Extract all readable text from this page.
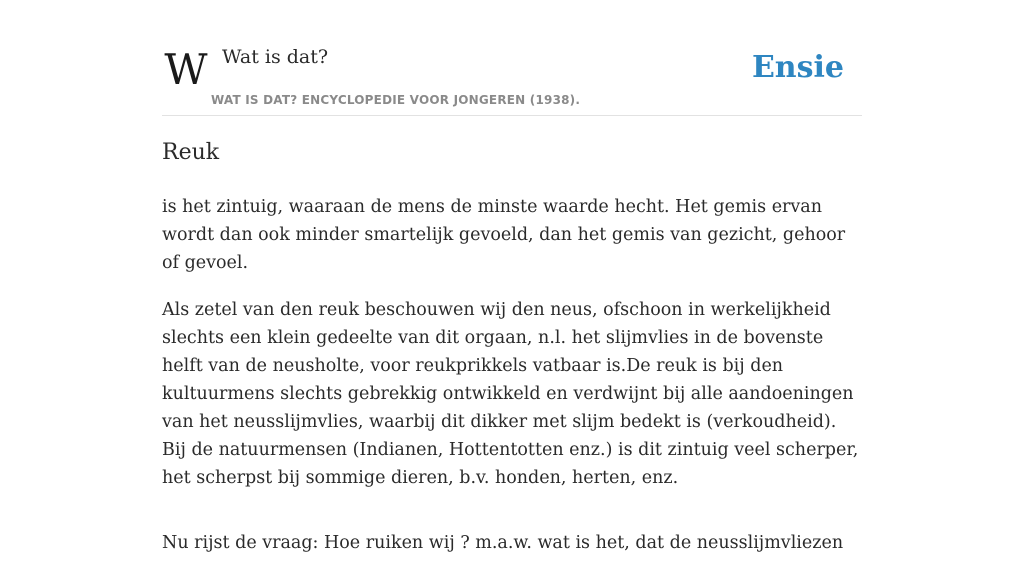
W Wat is dat?
WAT IS DAT? ENCYCLOPEDIE VOOR JONGEREN (1938).
Ensie
Reuk

is het zintuig, waaraan de mens de minste waarde hecht. Het gemis ervan wordt dan ook minder smartelijk gevoeld, dan het gemis van gezicht, gehoor of gevoel.

Als zetel van den reuk beschouwen wij den neus, ofschoon in werkelijkheid slechts een klein gedeelte van dit orgaan, n.l. het slijmvlies in de bovenste helft van de neusholte, voor reukprikkels vatbaar is.De reuk is bij den kultuurmens slechts gebrekkig ontwikkeld en verdwijnt bij alle aandoeningen van het neusslijmvlies, waarbij dit dikker met slijm bedekt is (verkoudheid). Bij de natuurmensen (Indianen, Hottentotten enz.) is dit zintuig veel scherper, het scherpst bij sommige dieren, b.v. honden, herten, enz.

Nu rijst de vraag: Hoe ruiken wij ? m.a.w. wat is het, dat de neusslijmvliezen
